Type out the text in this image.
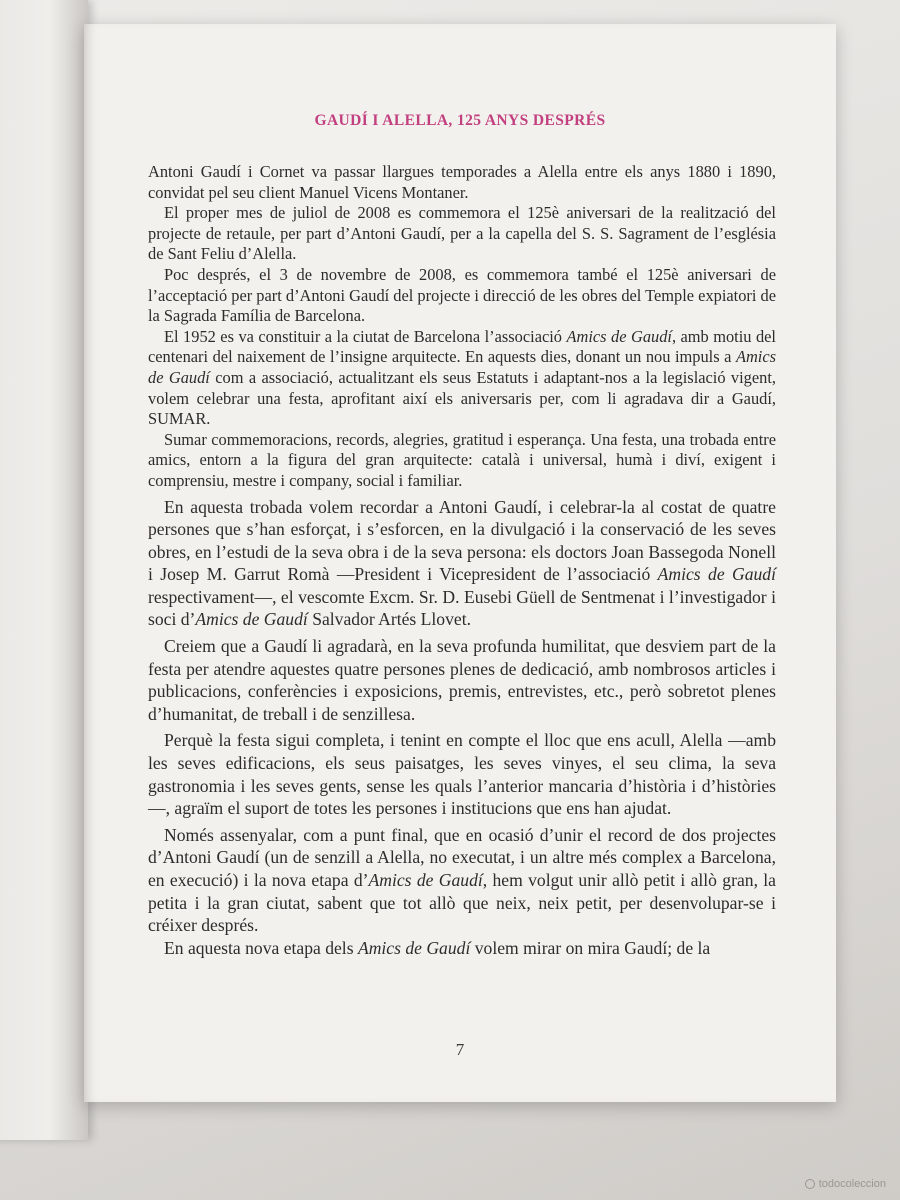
GAUDÍ I ALELLA, 125 ANYS DESPRÉS

Antoni Gaudí i Cornet va passar llargues temporades a Alella entre els anys 1880 i 1890, convidat pel seu client Manuel Vicens Montaner.

El proper mes de juliol de 2008 es commemora el 125è aniversari de la realització del projecte de retaule, per part d’Antoni Gaudí, per a la capella del S. S. Sagrament de l’església de Sant Feliu d’Alella.

Poc després, el 3 de novembre de 2008, es commemora també el 125è aniversari de l’acceptació per part d’Antoni Gaudí del projecte i direcció de les obres del Temple expiatori de la Sagrada Família de Barcelona.

El 1952 es va constituir a la ciutat de Barcelona l’associació Amics de Gaudí, amb motiu del centenari del naixement de l’insigne arquitecte. En aquests dies, donant un nou impuls a Amics de Gaudí com a associació, actualitzant els seus Estatuts i adaptant-nos a la legislació vigent, volem celebrar una festa, aprofitant així els aniversaris per, com li agradava dir a Gaudí, SUMAR.

Sumar commemoracions, records, alegries, gratitud i esperança. Una festa, una trobada entre amics, entorn a la figura del gran arquitecte: català i universal, humà i diví, exigent i comprensiu, mestre i company, social i familiar.

En aquesta trobada volem recordar a Antoni Gaudí, i celebrar-la al costat de quatre persones que s’han esforçat, i s’esforcen, en la divulgació i la conservació de les seves obres, en l’estudi de la seva obra i de la seva persona: els doctors Joan Bassegoda Nonell i Josep M. Garrut Romà —President i Vicepresident de l’associació Amics de Gaudí respectivament—, el vescomte Excm. Sr. D. Eusebi Güell de Sentmenat i l’investigador i soci d’Amics de Gaudí Salvador Artés Llovet.

Creiem que a Gaudí li agradarà, en la seva profunda humilitat, que desviem part de la festa per atendre aquestes quatre persones plenes de dedicació, amb nombrosos articles i publicacions, conferències i exposicions, premis, entrevistes, etc., però sobretot plenes d’humanitat, de treball i de senzillesa.

Perquè la festa sigui completa, i tenint en compte el lloc que ens acull, Alella —amb les seves edificacions, els seus paisatges, les seves vinyes, el seu clima, la seva gastronomia i les seves gents, sense les quals l’anterior mancaria d’història i d’històries—, agraïm el suport de totes les persones i institucions que ens han ajudat.

Només assenyalar, com a punt final, que en ocasió d’unir el record de dos projectes d’Antoni Gaudí (un de senzill a Alella, no executat, i un altre més complex a Barcelona, en execució) i la nova etapa d’Amics de Gaudí, hem volgut unir allò petit i allò gran, la petita i la gran ciutat, sabent que tot allò que neix, neix petit, per desenvolupar-se i créixer després.

En aquesta nova etapa dels Amics de Gaudí volem mirar on mira Gaudí; de la

7
todocoleccion
